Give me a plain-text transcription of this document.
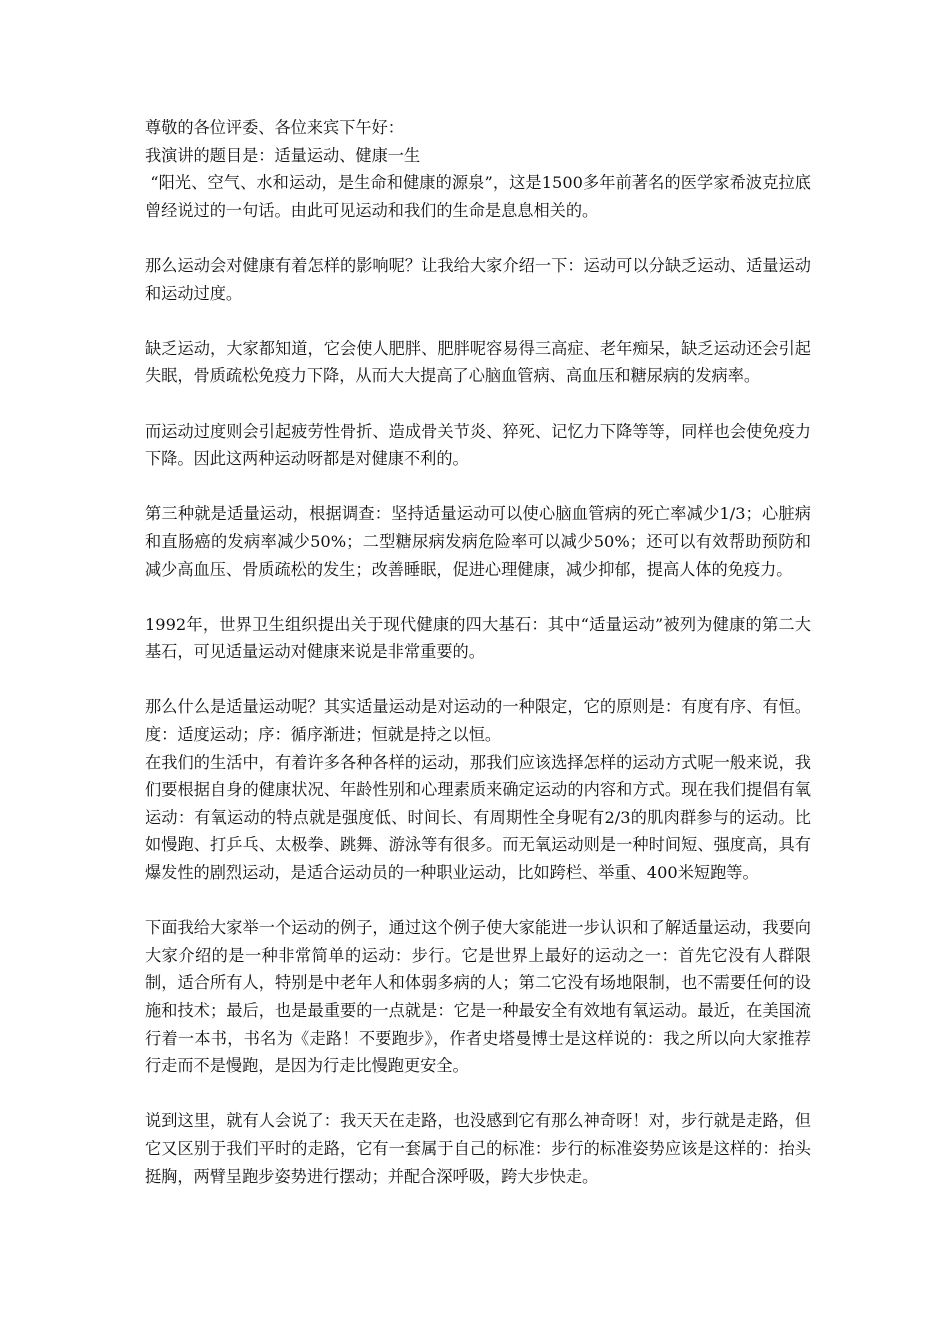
尊敬的各位评委、各位来宾下午好：

我演讲的题目是：适量运动、健康一生

“阳光、空气、水和运动，是生命和健康的源泉”，这是1500多年前著名的医学家希波克拉底曾经说过的一句话。由此可见运动和我们的生命是息息相关的。

那么运动会对健康有着怎样的影响呢？让我给大家介绍一下：运动可以分缺乏运动、适量运动和运动过度。

缺乏运动，大家都知道，它会使人肥胖、肥胖呢容易得三高症、老年痴呆，缺乏运动还会引起失眠，骨质疏松免疫力下降，从而大大提高了心脑血管病、高血压和糖尿病的发病率。

而运动过度则会引起疲劳性骨折、造成骨关节炎、猝死、记忆力下降等等，同样也会使免疫力下降。因此这两种运动呀都是对健康不利的。

第三种就是适量运动，根据调查：坚持适量运动可以使心脑血管病的死亡率减少1/3；心脏病和直肠癌的发病率减少50%；二型糖尿病发病危险率可以减少50%；还可以有效帮助预防和减少高血压、骨质疏松的发生；改善睡眠，促进心理健康，减少抑郁，提高人体的免疫力。

1992年，世界卫生组织提出关于现代健康的四大基石：其中“适量运动”被列为健康的第二大基石，可见适量运动对健康来说是非常重要的。

那么什么是适量运动呢？其实适量运动是对运动的一种限定，它的原则是：有度有序、有恒。度：适度运动；序：循序渐进；恒就是持之以恒。

在我们的生活中，有着许多各种各样的运动，那我们应该选择怎样的运动方式呢一般来说，我们要根据自身的健康状况、年龄性别和心理素质来确定运动的内容和方式。现在我们提倡有氧运动：有氧运动的特点就是强度低、时间长、有周期性全身呢有2/3的肌肉群参与的运动。比如慢跑、打乒乓、太极拳、跳舞、游泳等有很多。而无氧运动则是一种时间短、强度高，具有爆发性的剧烈运动，是适合运动员的一种职业运动，比如跨栏、举重、400米短跑等。

下面我给大家举一个运动的例子，通过这个例子使大家能进一步认识和了解适量运动，我要向大家介绍的是一种非常简单的运动：步行。它是世界上最好的运动之一：首先它没有人群限制，适合所有人，特别是中老年人和体弱多病的人；第二它没有场地限制，也不需要任何的设施和技术；最后，也是最重要的一点就是：它是一种最安全有效地有氧运动。最近，在美国流行着一本书，书名为《走路！不要跑步》，作者史塔曼博士是这样说的：我之所以向大家推荐行走而不是慢跑，是因为行走比慢跑更安全。

说到这里，就有人会说了：我天天在走路，也没感到它有那么神奇呀！对，步行就是走路，但它又区别于我们平时的走路，它有一套属于自己的标准：步行的标准姿势应该是这样的：抬头挺胸，两臂呈跑步姿势进行摆动；并配合深呼吸，跨大步快走。
